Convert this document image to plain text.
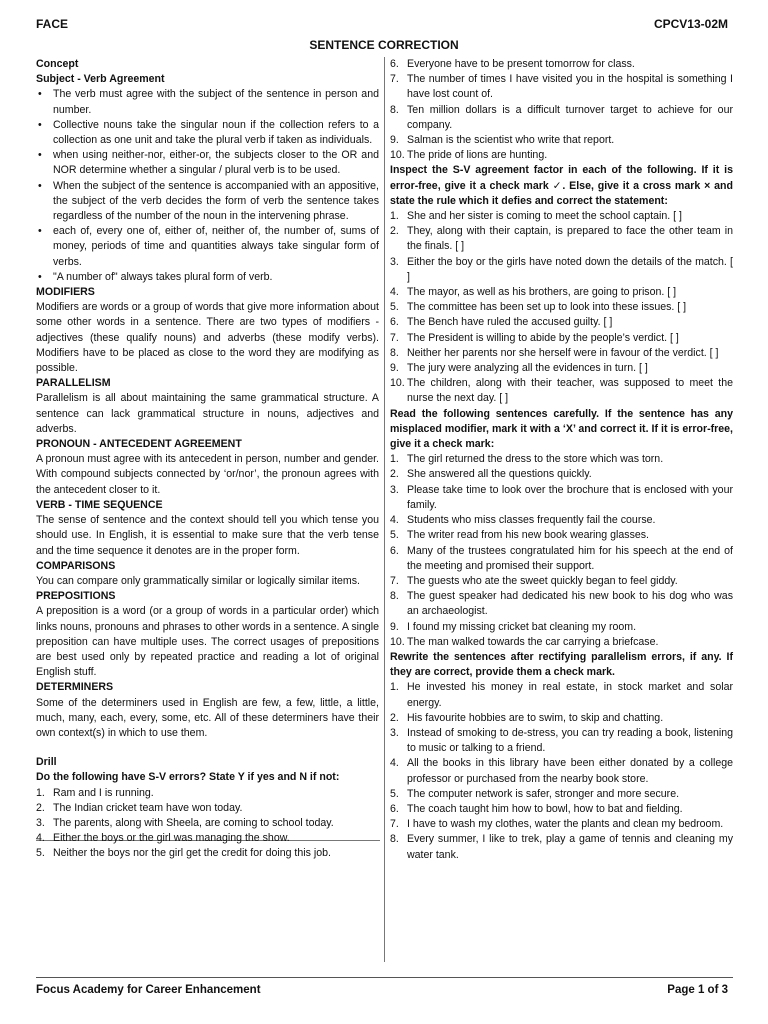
FACE	CPCV13-02M
SENTENCE CORRECTION
Concept
Subject - Verb Agreement
• The verb must agree with the subject of the sentence in person and number.
• Collective nouns take the singular noun if the collection refers to a collection as one unit and take the plural verb if taken as individuals.
• when using neither-nor, either-or, the subjects closer to the OR and NOR determine whether a singular / plural verb is to be used.
• When the subject of the sentence is accompanied with an appositive, the subject of the verb decides the form of verb the sentence takes regardless of the number of the noun in the intervening phrase.
• each of, every one of, either of, neither of, the number of, sums of money, periods of time and quantities always take singular form of verbs.
• "A number of" always takes plural form of verb.
MODIFIERS

Modifiers are words or a group of words that give more information about some other words in a sentence. There are two types of modifiers - adjectives (these qualify nouns) and adverbs (these modify verbs). Modifiers have to be placed as close to the word they are modifying as possible.

PARALLELISM

Parallelism is all about maintaining the same grammatical structure. A sentence can lack grammatical structure in nouns, adjectives and adverbs.

PRONOUN - ANTECEDENT AGREEMENT

A pronoun must agree with its antecedent in person, number and gender. With compound subjects connected by ‘or/nor’, the pronoun agrees with the antecedent closer to it.

VERB - TIME SEQUENCE

The sense of sentence and the context should tell you which tense you should use. In English, it is essential to make sure that the verb tense and the time sequence it denotes are in the proper form.

COMPARISONS

You can compare only grammatically similar or logically similar items.

PREPOSITIONS

A preposition is a word (or a group of words in a particular order) which links nouns, pronouns and phrases to other words in a sentence. A single preposition can have multiple uses. The correct usages of prepositions are best used only by repeated practice and reading a lot of original English stuff.

DETERMINERS

Some of the determiners used in English are few, a few, little, a little, much, many, each, every, some, etc. All of these determiners have their own context(s) in which to use them.

Drill
Do the following have S-V errors? State Y if yes and N if not:
1. Ram and I is running.
2. The Indian cricket team have won today.
3. The parents, along with Sheela, are coming to school today.
4. Either the boys or the girl was managing the show.
5. Neither the boys nor the girl get the credit for doing this job.
6. Everyone have to be present tomorrow for class.
7. The number of times I have visited you in the hospital is something I have lost count of.
8. Ten million dollars is a difficult turnover target to achieve for our company.
9. Salman is the scientist who write that report.
10. The pride of lions are hunting.

Inspect the S-V agreement factor in each of the following. If it is error-free, give it a check mark ✓. Else, give it a cross mark × and state the rule which it defies and correct the statement:

1. She and her sister is coming to meet the school captain. [ ]
2. They, along with their captain, is prepared to face the other team in the finals. [ ]
3. Either the boy or the girls have noted down the details of the match. [ ]
4. The mayor, as well as his brothers, are going to prison. [ ]
5. The committee has been set up to look into these issues. [ ]
6. The Bench have ruled the accused guilty. [ ]
7. The President is willing to abide by the people’s verdict. [ ]
8. Neither her parents nor she herself were in favour of the verdict. [ ]
9. The jury were analyzing all the evidences in turn. [ ]
10. The children, along with their teacher, was supposed to meet the nurse the next day. [ ]

Read the following sentences carefully. If the sentence has any misplaced modifier, mark it with a ‘X’ and correct it. If it is error-free, give it a check mark:

1. The girl returned the dress to the store which was torn.
2. She answered all the questions quickly.
3. Please take time to look over the brochure that is enclosed with your family.
4. Students who miss classes frequently fail the course.
5. The writer read from his new book wearing glasses.
6. Many of the trustees congratulated him for his speech at the end of the meeting and promised their support.
7. The guests who ate the sweet quickly began to feel giddy.
8. The guest speaker had dedicated his new book to his dog who was an archaeologist.
9. I found my missing cricket bat cleaning my room.
10. The man walked towards the car carrying a briefcase.

Rewrite the sentences after rectifying parallelism errors, if any. If they are correct, provide them a check mark.

1. He invested his money in real estate, in stock market and solar energy.
2. His favourite hobbies are to swim, to skip and chatting.
3. Instead of smoking to de-stress, you can try reading a book, listening to music or talking to a friend.
4. All the books in this library have been either donated by a college professor or purchased from the nearby book store.
5. The computer network is safer, stronger and more secure.
6. The coach taught him how to bowl, how to bat and fielding.
7. I have to wash my clothes, water the plants and clean my bedroom.
8. Every summer, I like to trek, play a game of tennis and cleaning my water tank.
Focus Academy for Career Enhancement	Page 1 of 3
